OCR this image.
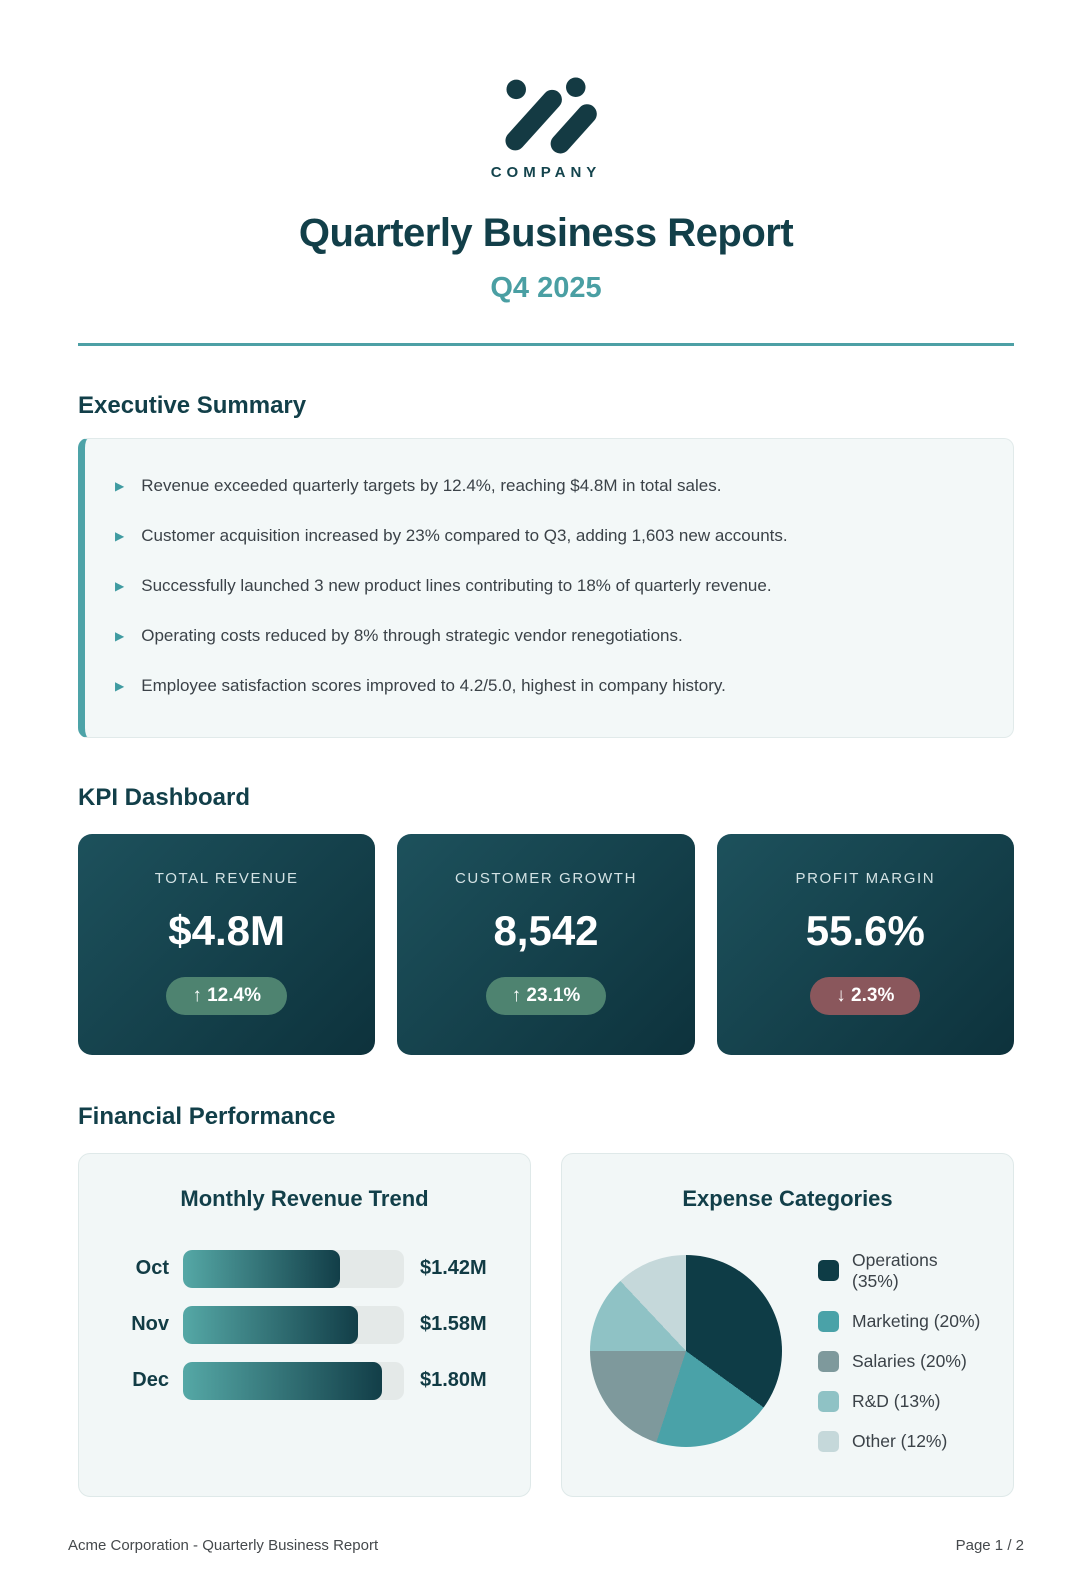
COMPANY
Quarterly Business Report
Q4 2025
Executive Summary
▶ Revenue exceeded quarterly targets by 12.4%, reaching $4.8M in total sales.
▶ Customer acquisition increased by 23% compared to Q3, adding 1,603 new accounts.
▶ Successfully launched 3 new product lines contributing to 18% of quarterly revenue.
▶ Operating costs reduced by 8% through strategic vendor renegotiations.
▶ Employee satisfaction scores improved to 4.2/5.0, highest in company history.
KPI Dashboard
TOTAL REVENUE
$4.8M
↑ 12.4%
CUSTOMER GROWTH
8,542
↑ 23.1%
PROFIT MARGIN
55.6%
↓ 2.3%
Financial Performance
Monthly Revenue Trend
Oct	$1.42M
Nov	$1.58M
Dec	$1.80M
Expense Categories
Operations (35%)
Marketing (20%)
Salaries (20%)
R&D (13%)
Other (12%)
Acme Corporation - Quarterly Business Report	Page 1 / 2
